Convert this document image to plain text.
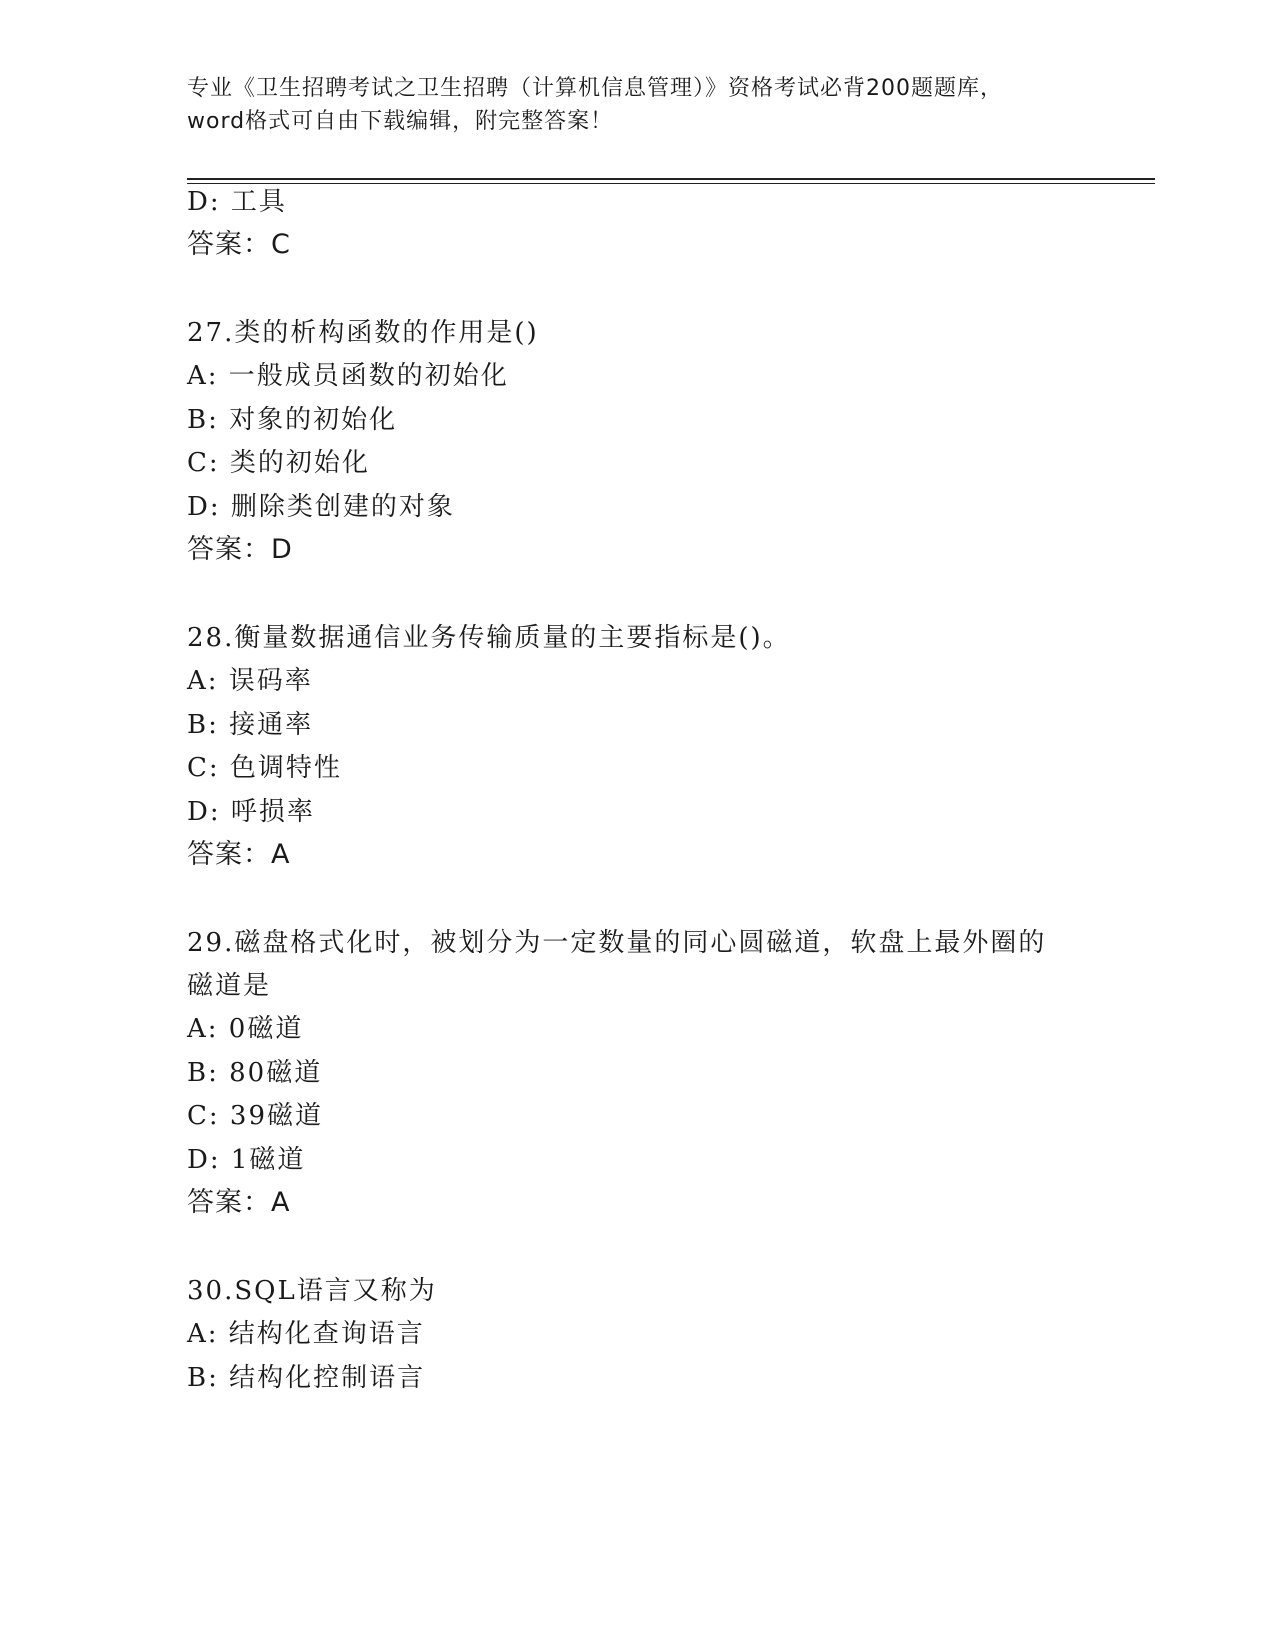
专业《卫生招聘考试之卫生招聘（计算机信息管理）》资格考试必背200题题库，
word格式可自由下载编辑，附完整答案！
D: 工具
答案：C
27.类的析构函数的作用是()
A: 一般成员函数的初始化
B: 对象的初始化
C: 类的初始化
D: 删除类创建的对象
答案：D
28.衡量数据通信业务传输质量的主要指标是()。
A: 误码率
B: 接通率
C: 色调特性
D: 呼损率
答案：A
29.磁盘格式化时，被划分为一定数量的同心圆磁道，软盘上最外圈的
磁道是
A: 0磁道
B: 80磁道
C: 39磁道
D: 1磁道
答案：A
30.SQL语言又称为
A: 结构化查询语言
B: 结构化控制语言
